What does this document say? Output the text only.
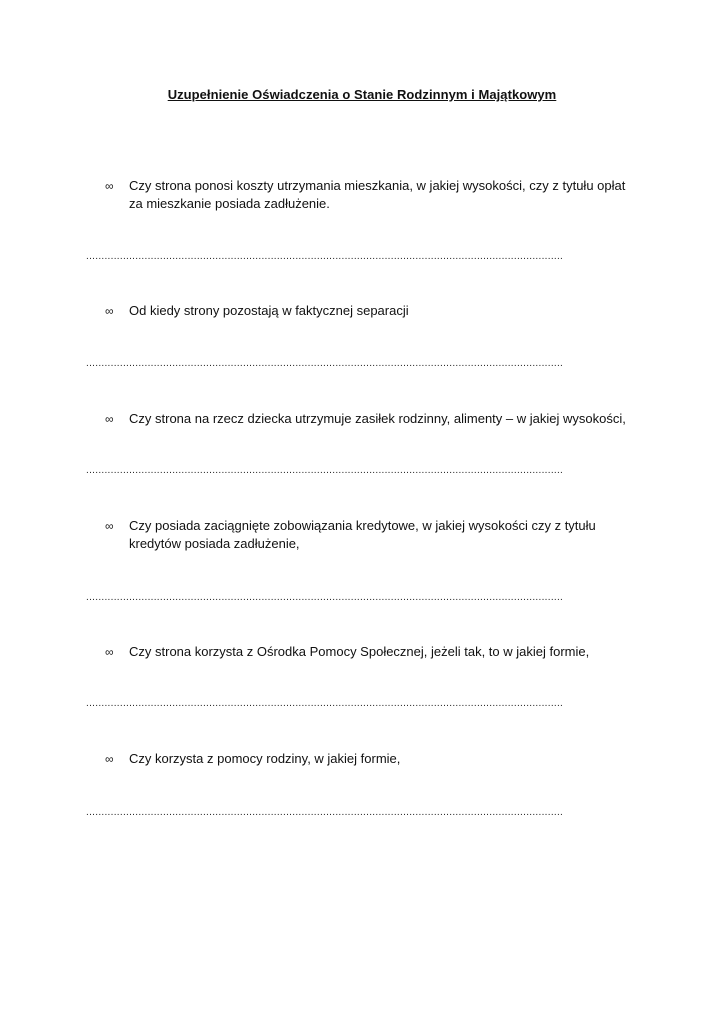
Uzupełnienie Oświadczenia o Stanie Rodzinnym i Majątkowym
∞ Czy strona ponosi koszty utrzymania mieszkania, w jakiej wysokości, czy z tytułu opłat
za mieszkanie posiada zadłużenie.
...........................................................................................................................................................
∞ Od kiedy strony pozostają w faktycznej separacji
...........................................................................................................................................................
∞ Czy strona na rzecz dziecka utrzymuje zasiłek rodzinny, alimenty – w jakiej wysokości,
...........................................................................................................................................................
∞ Czy posiada zaciągnięte zobowiązania kredytowe, w jakiej wysokości czy z tytułu
kredytów posiada zadłużenie,
...........................................................................................................................................................
∞ Czy strona korzysta z Ośrodka Pomocy Społecznej, jeżeli tak, to w jakiej formie,
...........................................................................................................................................................
∞ Czy korzysta z pomocy rodziny, w jakiej formie,
...........................................................................................................................................................
